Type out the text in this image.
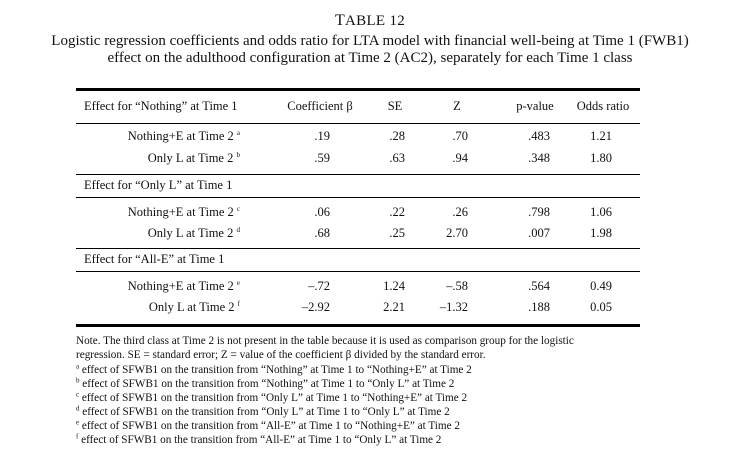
TABLE 12
Logistic regression coefficients and odds ratio for LTA model with financial well-being at Time 1 (FWB1)
effect on the adulthood configuration at Time 2 (AC2), separately for each Time 1 class
Effect for “Nothing” at Time 1	Coefficient β	SE	Z	p-value	Odds ratio
Nothing+E at Time 2 $^a$	.19	.28	.70	.483	1.21
Only L at Time 2 $^b$	.59	.63	.94	.348	1.80
Effect for “Only L” at Time 1
Nothing+E at Time 2 $^c$	.06	.22	.26	.798	1.06
Only L at Time 2 $^d$	.68	.25	2.70	.007	1.98
Effect for “All-E” at Time 1
Nothing+E at Time 2 $^e$	–.72	1.24	–.58	.564	0.49
Only L at Time 2 $^f$	–2.92	2.21	–1.32	.188	0.05
Note. The third class at Time 2 is not present in the table because it is used as comparison group for the logistic
regression. SE = standard error; Z = value of the coefficient β divided by the standard error.
$^a$ effect of SFWB1 on the transition from “Nothing” at Time 1 to “Nothing+E” at Time 2
$^b$ effect of SFWB1 on the transition from “Nothing” at Time 1 to “Only L” at Time 2
$^c$ effect of SFWB1 on the transition from “Only L” at Time 1 to “Nothing+E” at Time 2
$^d$ effect of SFWB1 on the transition from “Only L” at Time 1 to “Only L” at Time 2
$^e$ effect of SFWB1 on the transition from “All-E” at Time 1 to “Nothing+E” at Time 2
$^f$ effect of SFWB1 on the transition from “All-E” at Time 1 to “Only L” at Time 2
